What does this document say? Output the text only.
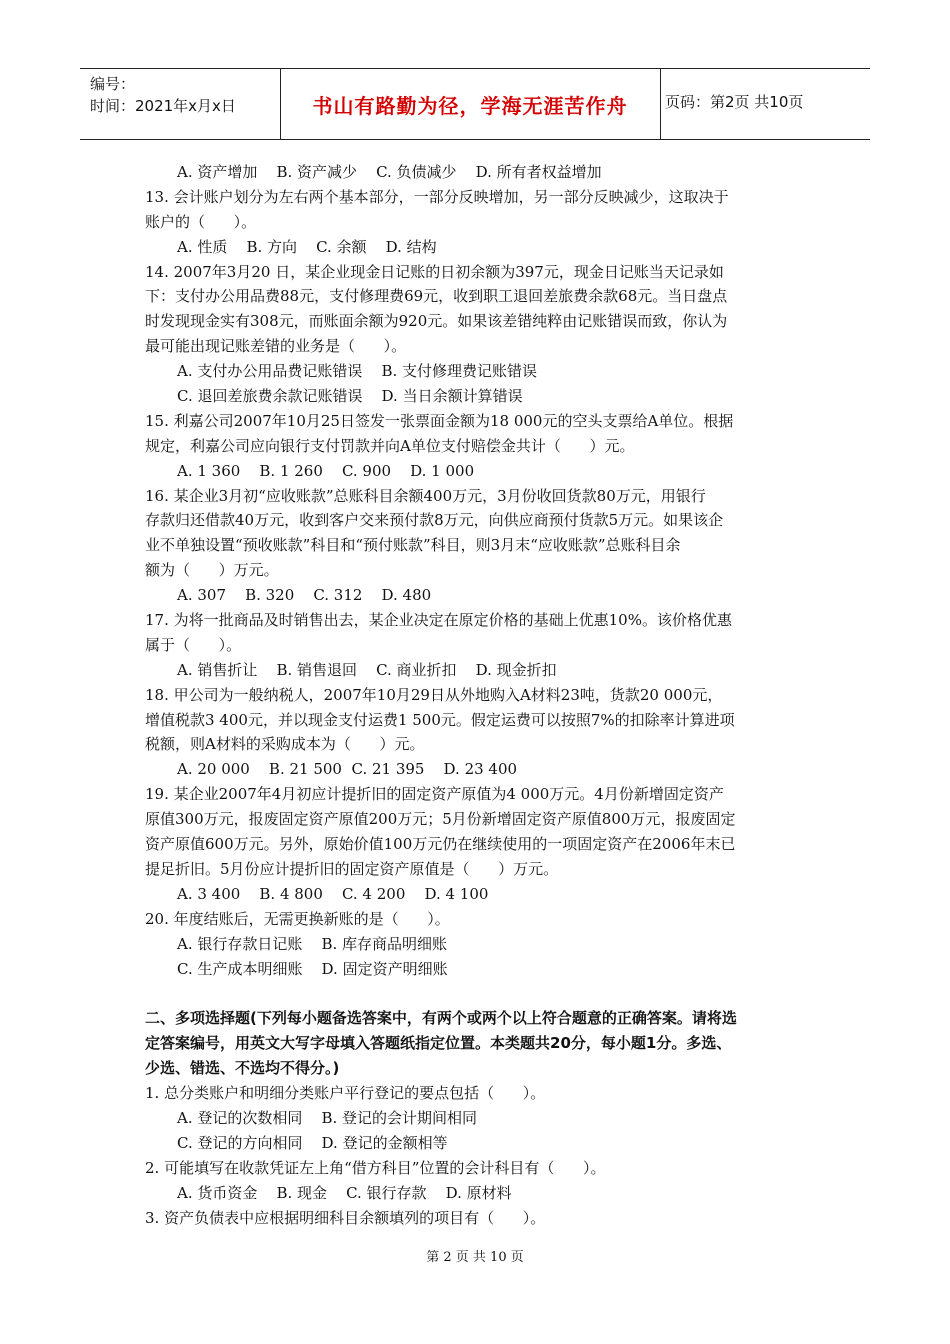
编号：
时间：2021年x月x日	书山有路勤为径，学海无涯苦作舟	页码：第2页 共10页
A. 资产增加    B. 资产减少    C. 负债减少    D. 所有者权益增加
13. 会计账户划分为左右两个基本部分，一部分反映增加，另一部分反映减少，这取决于
账户的（      ）。
A. 性质    B. 方向    C. 余额    D. 结构
14. 2007年3月20 日，某企业现金日记账的日初余额为397元，现金日记账当天记录如
下：支付办公用品费88元，支付修理费69元，收到职工退回差旅费余款68元。当日盘点
时发现现金实有308元，而账面余额为920元。如果该差错纯粹由记账错误而致，你认为
最可能出现记账差错的业务是（      ）。
A. 支付办公用品费记账错误    B. 支付修理费记账错误
C. 退回差旅费余款记账错误    D. 当日余额计算错误
15. 利嘉公司2007年10月25日签发一张票面金额为18 000元的空头支票给A单位。根据
规定，利嘉公司应向银行支付罚款并向A单位支付赔偿金共计（      ）元。
A. 1 360    B. 1 260    C. 900    D. 1 000
16. 某企业3月初“应收账款”总账科目余额400万元，3月份收回货款80万元，用银行
存款归还借款40万元，收到客户交来预付款8万元，向供应商预付货款5万元。如果该企
业不单独设置“预收账款”科目和“预付账款”科目，则3月末“应收账款”总账科目余
额为（      ）万元。
A. 307    B. 320    C. 312    D. 480
17. 为将一批商品及时销售出去，某企业决定在原定价格的基础上优惠10%。该价格优惠
属于（      ）。
A. 销售折让    B. 销售退回    C. 商业折扣    D. 现金折扣
18. 甲公司为一般纳税人，2007年10月29日从外地购入A材料23吨，货款20 000元，
增值税款3 400元，并以现金支付运费1 500元。假定运费可以按照7%的扣除率计算进项
税额，则A材料的采购成本为（      ）元。
A. 20 000    B. 21 500  C. 21 395    D. 23 400
19. 某企业2007年4月初应计提折旧的固定资产原值为4 000万元。4月份新增固定资产
原值300万元，报废固定资产原值200万元；5月份新增固定资产原值800万元，报废固定
资产原值600万元。另外，原始价值100万元仍在继续使用的一项固定资产在2006年末已
提足折旧。5月份应计提折旧的固定资产原值是（      ）万元。
A. 3 400    B. 4 800    C. 4 200    D. 4 100
20. 年度结账后，无需更换新账的是（      ）。
A. 银行存款日记账    B. 库存商品明细账
C. 生产成本明细账    D. 固定资产明细账
二、多项选择题(下列每小题备选答案中，有两个或两个以上符合题意的正确答案。请将选
定答案编号，用英文大写字母填入答题纸指定位置。本类题共20分，每小题1分。多选、
少选、错选、不选均不得分。)
1. 总分类账户和明细分类账户平行登记的要点包括（      ）。
A. 登记的次数相同    B. 登记的会计期间相同
C. 登记的方向相同    D. 登记的金额相等
2. 可能填写在收款凭证左上角“借方科目”位置的会计科目有（      ）。
A. 货币资金    B. 现金    C. 银行存款    D. 原材料
3. 资产负债表中应根据明细科目余额填列的项目有（      ）。
第 2 页 共 10 页
